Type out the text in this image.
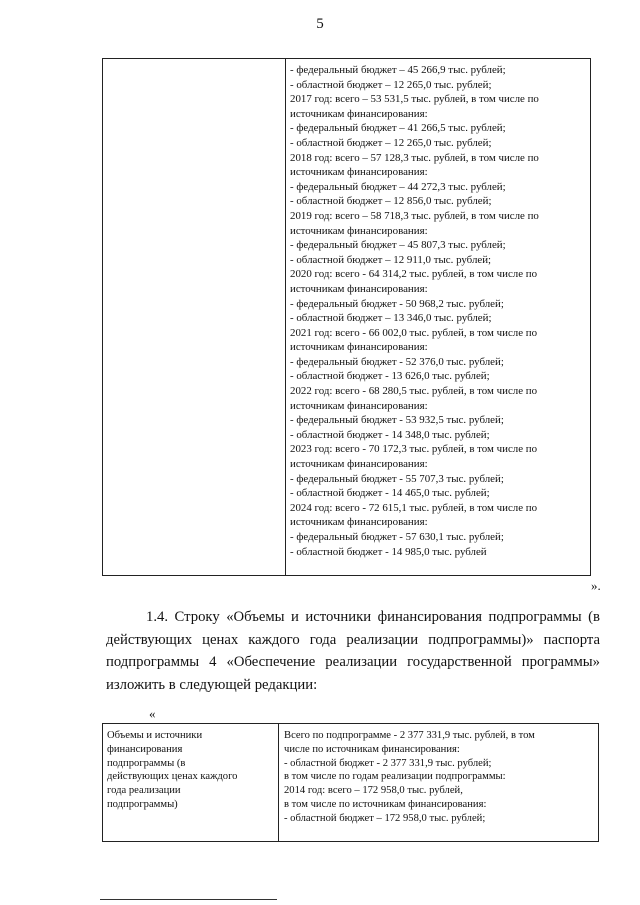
5
- федеральный бюджет – 45 266,9 тыс. рублей;
- областной бюджет – 12 265,0 тыс. рублей;
2017 год: всего – 53 531,5 тыс. рублей, в том числе по
источникам финансирования:
- федеральный бюджет – 41 266,5 тыс. рублей;
- областной бюджет – 12 265,0 тыс. рублей;
2018 год: всего – 57 128,3 тыс. рублей, в том числе по
источникам финансирования:
- федеральный бюджет – 44 272,3 тыс. рублей;
- областной бюджет – 12 856,0 тыс. рублей;
2019 год: всего – 58 718,3 тыс. рублей, в том числе по
источникам финансирования:
- федеральный бюджет – 45 807,3 тыс. рублей;
- областной бюджет – 12 911,0 тыс. рублей;
2020 год: всего - 64 314,2 тыс. рублей, в том числе по
источникам финансирования:
- федеральный бюджет - 50 968,2 тыс. рублей;
- областной бюджет – 13 346,0 тыс. рублей;
2021 год: всего - 66 002,0 тыс. рублей, в том числе по
источникам финансирования:
- федеральный бюджет - 52 376,0 тыс. рублей;
- областной бюджет - 13 626,0 тыс. рублей;
2022 год: всего - 68 280,5 тыс. рублей, в том числе по
источникам финансирования:
- федеральный бюджет - 53 932,5 тыс. рублей;
- областной бюджет - 14 348,0 тыс. рублей;
2023 год: всего - 70 172,3 тыс. рублей, в том числе по
источникам финансирования:
- федеральный бюджет - 55 707,3 тыс. рублей;
- областной бюджет - 14 465,0 тыс. рублей;
2024 год: всего - 72 615,1 тыс. рублей, в том числе по
источникам финансирования:
- федеральный бюджет - 57 630,1 тыс. рублей;
- областной бюджет - 14 985,0 тыс. рублей
».
1.4. Строку «Объемы и источники финансирования подпрограммы (в
действующих ценах каждого года реализации подпрограммы)» паспорта
подпрограммы 4 «Обеспечение реализации государственной программы»
изложить в следующей редакции:
«
Объемы и источники
финансирования
подпрограммы (в
действующих ценах каждого
года реализации
подпрограммы)
Всего по подпрограмме - 2 377 331,9 тыс. рублей, в том
числе по источникам финансирования:
- областной бюджет - 2 377 331,9 тыс. рублей;
в том числе по годам реализации подпрограммы:
2014 год: всего – 172 958,0 тыс. рублей,
в том числе по источникам финансирования:
- областной бюджет – 172 958,0 тыс. рублей;
